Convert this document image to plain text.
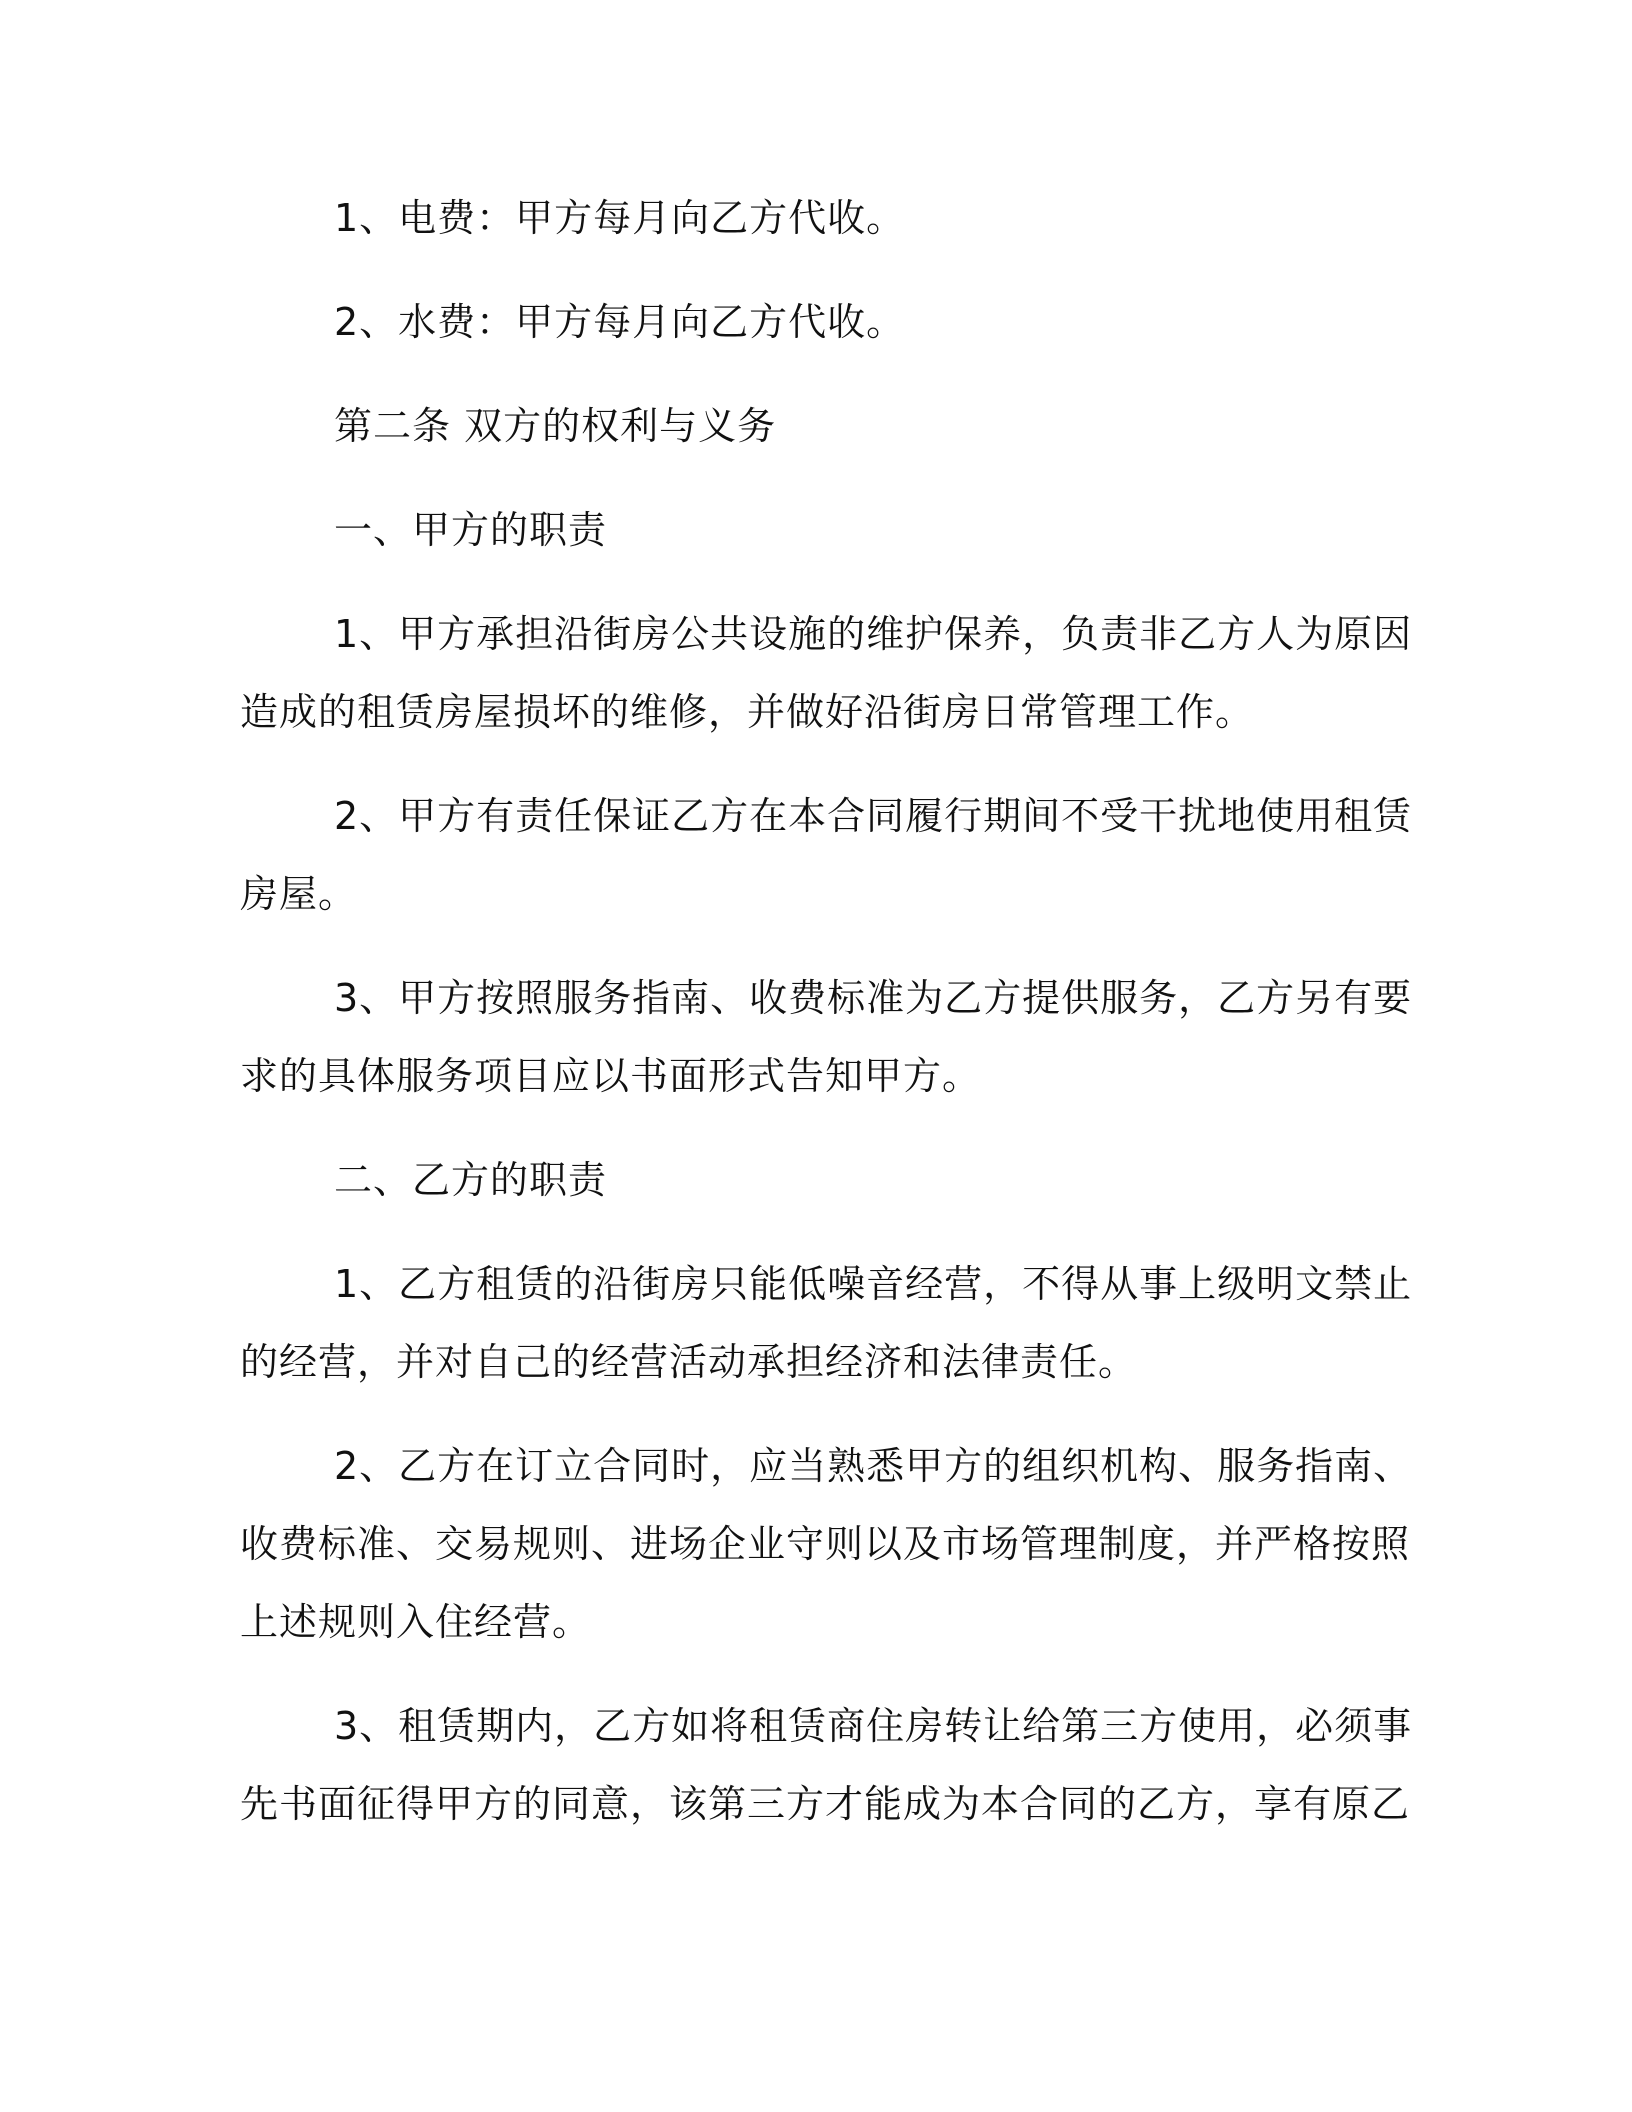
1、电费：甲方每月向乙方代收。
2、水费：甲方每月向乙方代收。
第二条 双方的权利与义务
一、甲方的职责
1、甲方承担沿街房公共设施的维护保养，负责非乙方人为原因
造成的租赁房屋损坏的维修，并做好沿街房日常管理工作。
2、甲方有责任保证乙方在本合同履行期间不受干扰地使用租赁
房屋。
3、甲方按照服务指南、收费标准为乙方提供服务，乙方另有要
求的具体服务项目应以书面形式告知甲方。
二、乙方的职责
1、乙方租赁的沿街房只能低噪音经营，不得从事上级明文禁止
的经营，并对自己的经营活动承担经济和法律责任。
2、乙方在订立合同时，应当熟悉甲方的组织机构、服务指南、
收费标准、交易规则、进场企业守则以及市场管理制度，并严格按照
上述规则入住经营。
3、租赁期内，乙方如将租赁商住房转让给第三方使用，必须事
先书面征得甲方的同意，该第三方才能成为本合同的乙方，享有原乙
